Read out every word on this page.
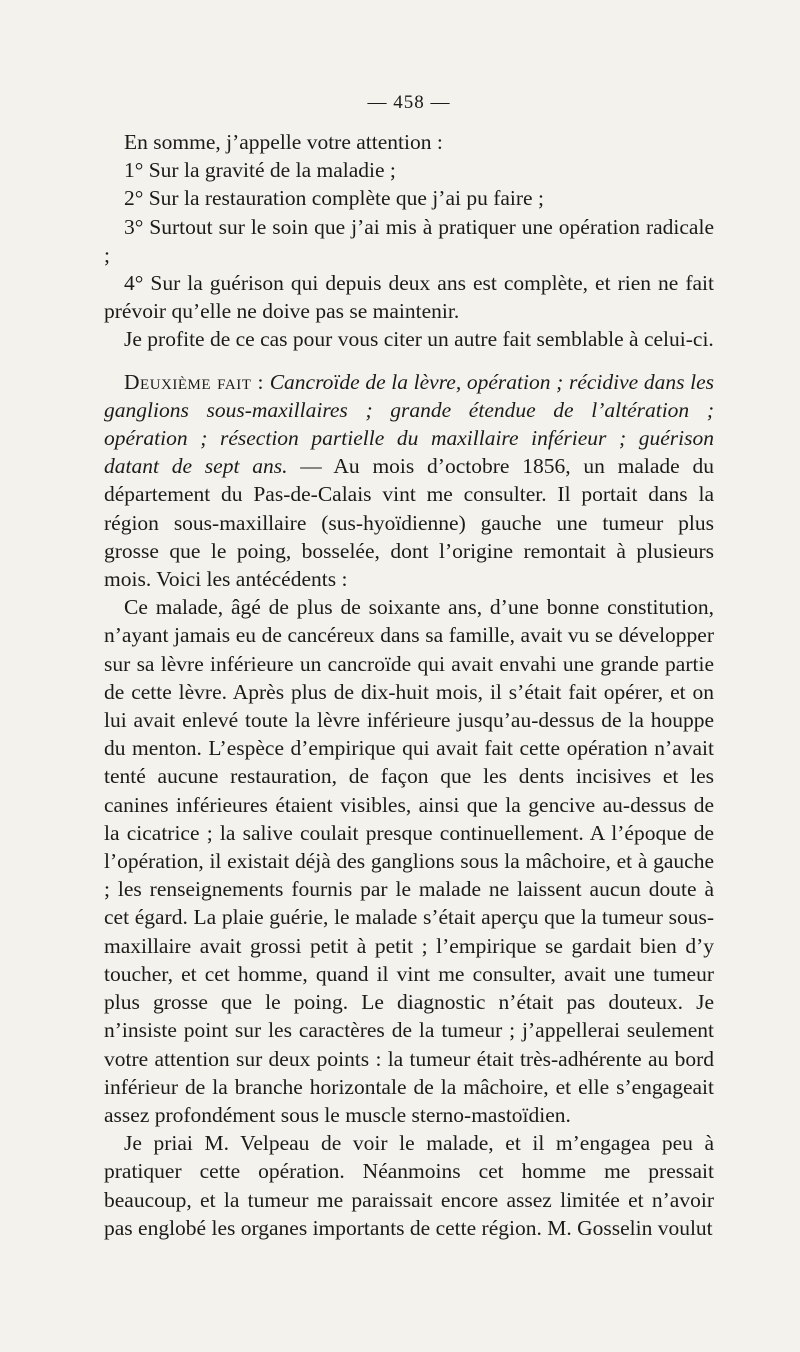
— 458 —

En somme, j’appelle votre attention :

1° Sur la gravité de la maladie ;

2° Sur la restauration complète que j’ai pu faire ;

3° Surtout sur le soin que j’ai mis à pratiquer une opération radicale ;

4° Sur la guérison qui depuis deux ans est complète, et rien ne fait prévoir qu’elle ne doive pas se maintenir.

Je profite de ce cas pour vous citer un autre fait semblable à celui-ci.

Deuxième fait : Cancroïde de la lèvre, opération ; récidive dans les ganglions sous-maxillaires ; grande étendue de l’altération ; opération ; résection partielle du maxillaire inférieur ; guérison datant de sept ans. — Au mois d’octobre 1856, un malade du département du Pas-de-Calais vint me consulter. Il portait dans la région sous-maxillaire (sus-hyoïdienne) gauche une tumeur plus grosse que le poing, bosselée, dont l’origine remontait à plusieurs mois. Voici les antécédents :

Ce malade, âgé de plus de soixante ans, d’une bonne constitution, n’ayant jamais eu de cancéreux dans sa famille, avait vu se développer sur sa lèvre inférieure un cancroïde qui avait envahi une grande partie de cette lèvre. Après plus de dix-huit mois, il s’était fait opérer, et on lui avait enlevé toute la lèvre inférieure jusqu’au-dessus de la houppe du menton. L’espèce d’empirique qui avait fait cette opération n’avait tenté aucune restauration, de façon que les dents incisives et les canines inférieures étaient visibles, ainsi que la gencive au-dessus de la cicatrice ; la salive coulait presque continuellement. A l’époque de l’opération, il existait déjà des ganglions sous la mâchoire, et à gauche ; les renseignements fournis par le malade ne laissent aucun doute à cet égard. La plaie guérie, le malade s’était aperçu que la tumeur sous-maxillaire avait grossi petit à petit ; l’empirique se gardait bien d’y toucher, et cet homme, quand il vint me consulter, avait une tumeur plus grosse que le poing. Le diagnostic n’était pas douteux. Je n’insiste point sur les caractères de la tumeur ; j’appellerai seulement votre attention sur deux points : la tumeur était très-adhérente au bord inférieur de la branche horizontale de la mâchoire, et elle s’engageait assez profondément sous le muscle sterno-mastoïdien.

Je priai M. Velpeau de voir le malade, et il m’engagea peu à pratiquer cette opération. Néanmoins cet homme me pressait beaucoup, et la tumeur me paraissait encore assez limitée et n’avoir pas englobé les organes importants de cette région. M. Gosselin voulut
